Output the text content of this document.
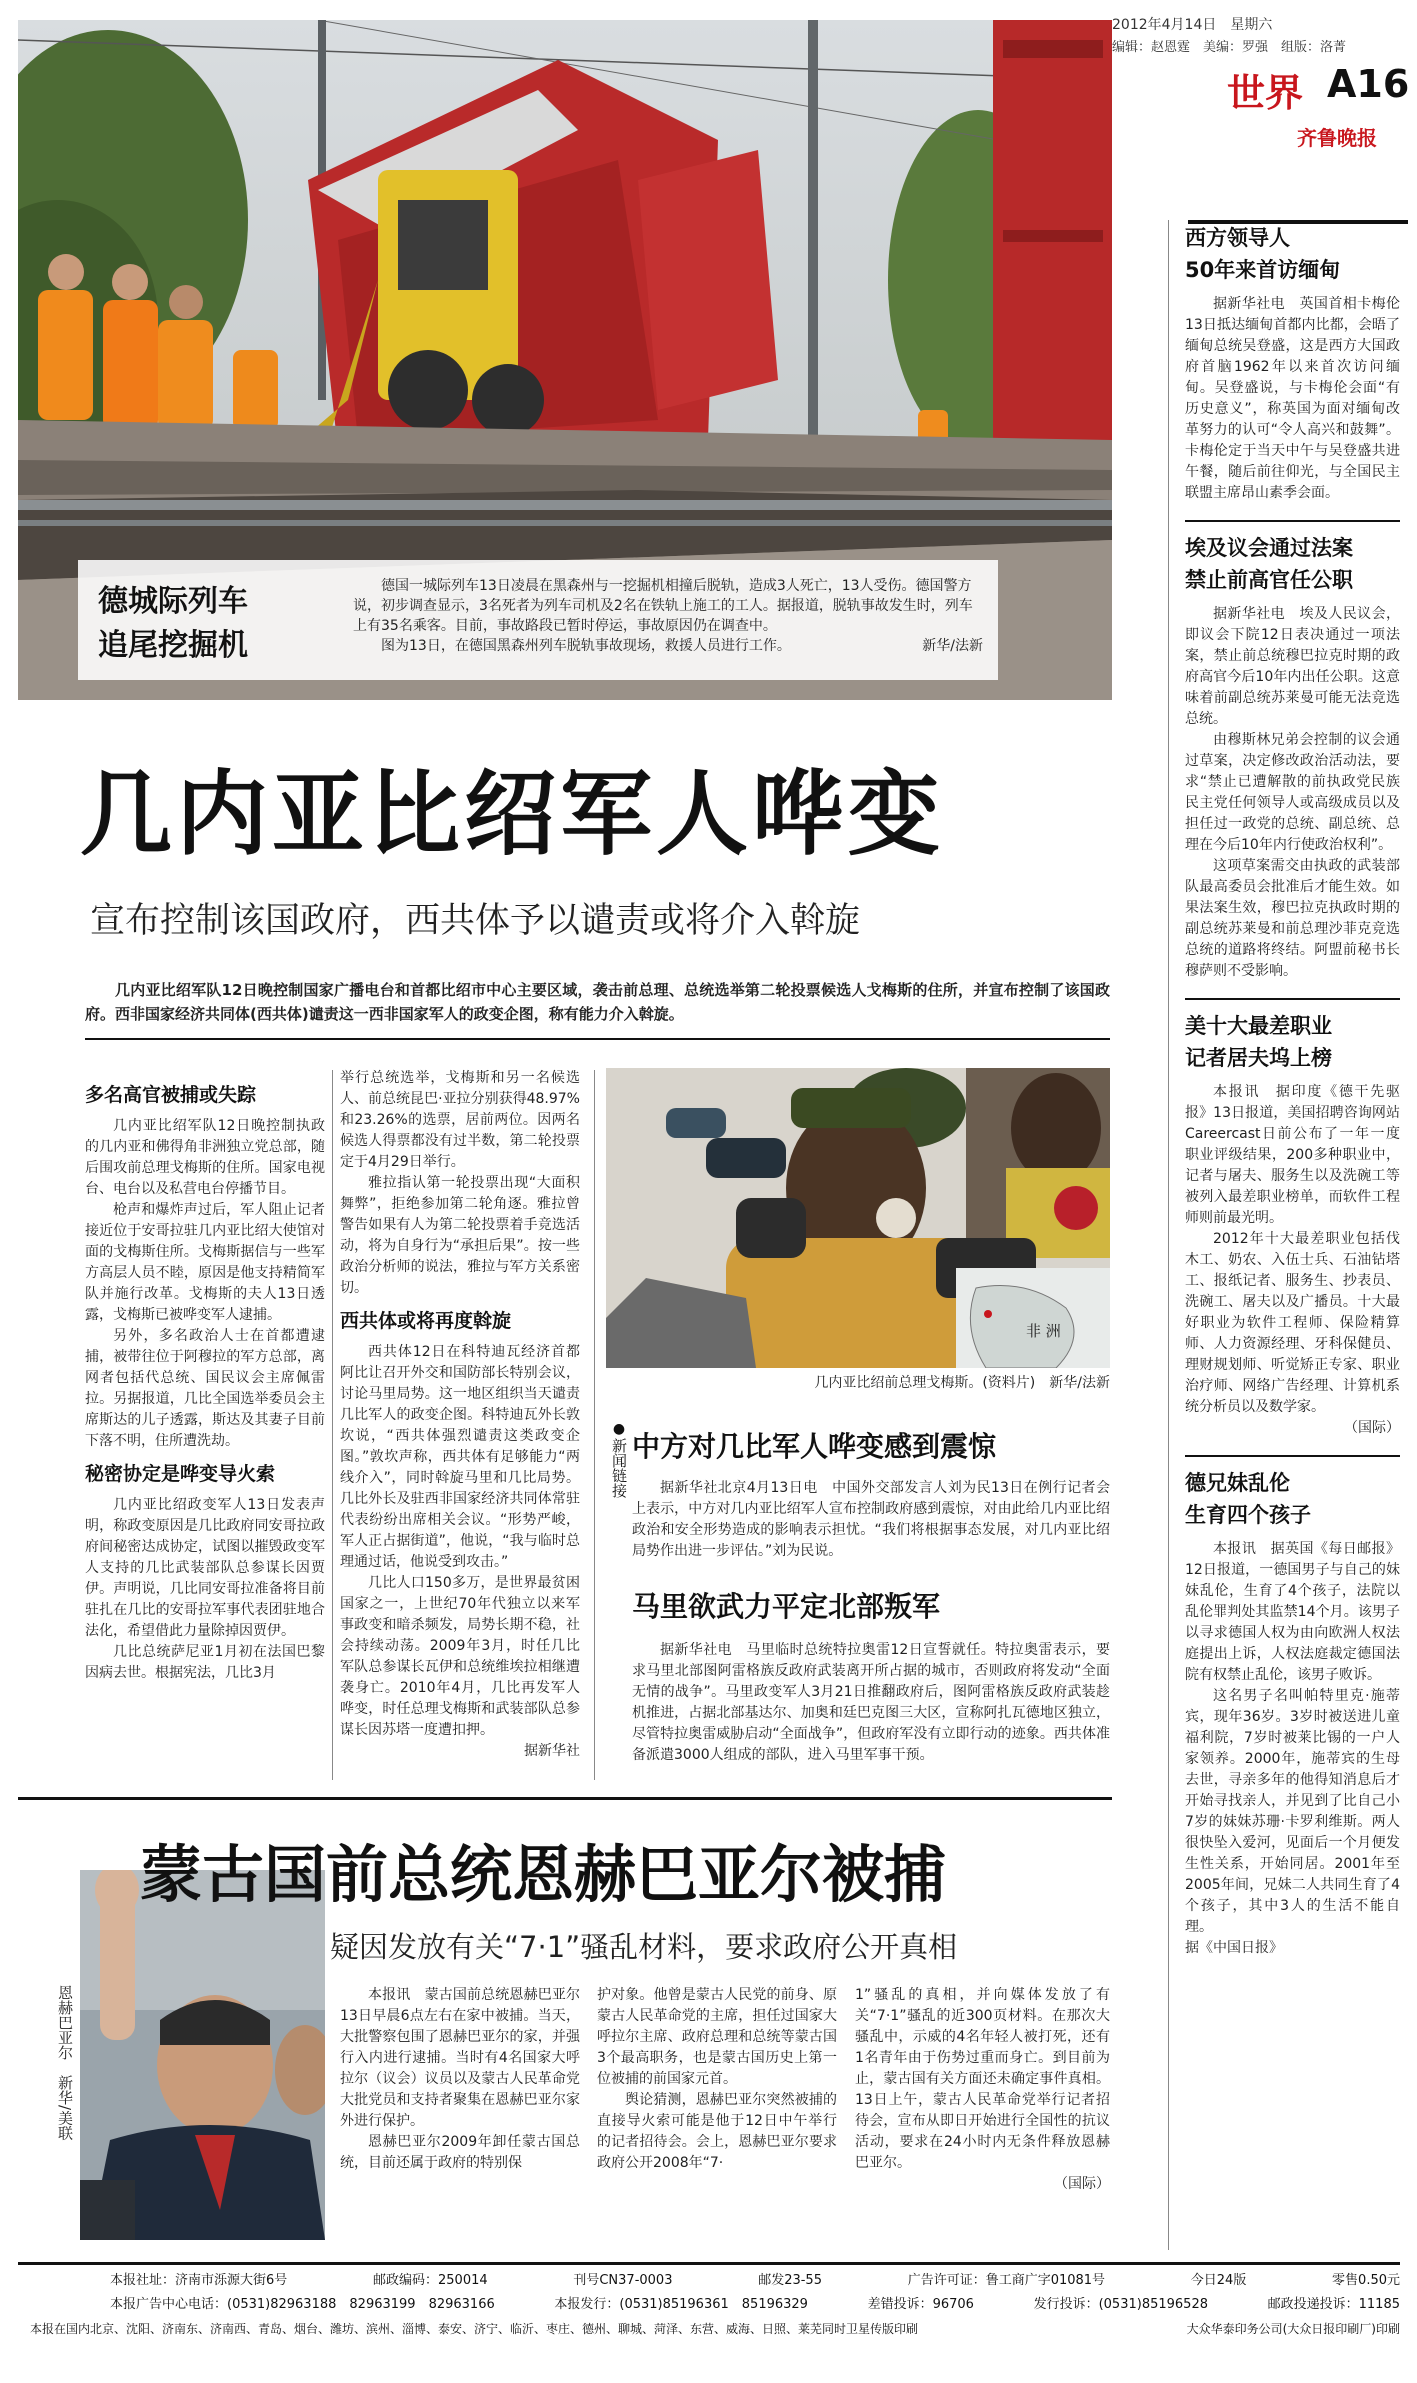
2012年4月14日　 星期六
编辑：赵恩霆　美编：罗强　组版：洛菁
世界 A16
齐鲁晚报
德城际列车
追尾挖掘机
德国一城际列车13日凌晨在黑森州与一挖掘机相撞后脱轨，造成3人死亡，13人受伤。德国警方说，初步调查显示，3名死者为列车司机及2名在铁轨上施工的工人。据报道，脱轨事故发生时，列车上有35名乘客。目前，事故路段已暂时停运，事故原因仍在调查中。
图为13日，在德国黑森州列车脱轨事故现场，救援人员进行工作。	新华/法新
几内亚比绍军人哗变
宣布控制该国政府，西共体予以谴责或将介入斡旋

几内亚比绍军队12日晚控制国家广播电台和首都比绍市中心主要区域，袭击前总理、总统选举第二轮投票候选人戈梅斯的住所，并宣布控制了该国政府。西非国家经济共同体(西共体)谴责这一西非国家军人的政变企图，称有能力介入斡旋。

多名高官被捕或失踪

几内亚比绍军队12日晚控制执政的几内亚和佛得角非洲独立党总部，随后围攻前总理戈梅斯的住所。国家电视台、电台以及私营电台停播节目。

枪声和爆炸声过后，军人阻止记者接近位于安哥拉驻几内亚比绍大使馆对面的戈梅斯住所。戈梅斯据信与一些军方高层人员不睦，原因是他支持精简军队并施行改革。戈梅斯的夫人13日透露，戈梅斯已被哗变军人逮捕。

另外，多名政治人士在首都遭逮捕，被带往位于阿穆拉的军方总部，离网者包括代总统、国民议会主席佩雷拉。另据报道，几比全国选举委员会主席斯达的儿子透露，斯达及其妻子目前下落不明，住所遭洗劫。

秘密协定是哗变导火索

几内亚比绍政变军人13日发表声明，称政变原因是几比政府同安哥拉政府间秘密达成协定，试图以摧毁政变军人支持的几比武装部队总参谋长因贾伊。声明说，几比同安哥拉准备将目前驻扎在几比的安哥拉军事代表团驻地合法化，希望借此力量除掉因贾伊。

几比总统萨尼亚1月初在法国巴黎因病去世。根据宪法，几比3月

举行总统选举，戈梅斯和另一名候选人、前总统昆巴·亚拉分别获得48.97%和23.26%的选票，居前两位。因两名候选人得票都没有过半数，第二轮投票定于4月29日举行。

雅拉指认第一轮投票出现“大面积舞弊”，拒绝参加第二轮角逐。雅拉曾警告如果有人为第二轮投票着手竞选活动，将为自身行为“承担后果”。按一些政治分析师的说法，雅拉与军方关系密切。

西共体或将再度斡旋

西共体12日在科特迪瓦经济首都阿比让召开外交和国防部长特别会议，讨论马里局势。这一地区组织当天谴责几比军人的政变企图。科特迪瓦外长敦坎说，“西共体强烈谴责这类政变企图。”敦坎声称，西共体有足够能力“两线介入”，同时斡旋马里和几比局势。几比外长及驻西非国家经济共同体常驻代表纷纷出席相关会议。“形势严峻，军人正占据街道”，他说，“我与临时总理通过话，他说受到攻击。”

几比人口150多万，是世界最贫困国家之一，上世纪70年代独立以来军事政变和暗杀频发，局势长期不稳，社会持续动荡。2009年3月，时任几比军队总参谋长瓦伊和总统维埃拉相继遭袭身亡。2010年4月，几比再发军人哗变，时任总理戈梅斯和武装部队总参谋长因苏塔一度遭扣押。

据新华社
非 洲
几内亚比绍前总理戈梅斯。(资料片)　 新华/法新
●
新闻链接 中方对几比军人哗变感到震惊

据新华社北京4月13日电　中国外交部发言人刘为民13日在例行记者会上表示，中方对几内亚比绍军人宣布控制政府感到震惊，对由此给几内亚比绍政治和安全形势造成的影响表示担忧。“我们将根据事态发展，对几内亚比绍局势作出进一步评估。”刘为民说。

马里欲武力平定北部叛军

据新华社电　马里临时总统特拉奥雷12日宣誓就任。特拉奥雷表示，要求马里北部图阿雷格族反政府武装离开所占据的城市，否则政府将发动“全面无情的战争”。马里政变军人3月21日推翻政府后，图阿雷格族反政府武装趁机推进，占据北部基达尔、加奥和廷巴克图三大区，宣称阿扎瓦德地区独立，尽管特拉奥雷威胁启动“全面战争”，但政府军没有立即行动的迹象。西共体准备派遣3000人组成的部队，进入马里军事干预。

恩赫巴亚尔　新华/美联
蒙古国前总统恩赫巴亚尔被捕
疑因发放有关“7·1”骚乱材料，要求政府公开真相

本报讯　蒙古国前总统恩赫巴亚尔13日早晨6点左右在家中被捕。当天，大批警察包围了恩赫巴亚尔的家，并强行入内进行逮捕。当时有4名国家大呼拉尔（议会）议员以及蒙古人民革命党大批党员和支持者聚集在恩赫巴亚尔家外进行保护。

恩赫巴亚尔2009年卸任蒙古国总统，目前还属于政府的特别保

护对象。他曾是蒙古人民党的前身、原蒙古人民革命党的主席，担任过国家大呼拉尔主席、政府总理和总统等蒙古国3个最高职务，也是蒙古国历史上第一位被捕的前国家元首。

舆论猜测，恩赫巴亚尔突然被捕的直接导火索可能是他于12日中午举行的记者招待会。会上，恩赫巴亚尔要求政府公开2008年“7·

1”骚乱的真相，并向媒体发放了有关“7·1”骚乱的近300页材料。在那次大骚乱中，示威的4名年轻人被打死，还有1名青年由于伤势过重而身亡。到目前为止，蒙古国有关方面还未确定事件真相。13日上午，蒙古人民革命党举行记者招待会，宣布从即日开始进行全国性的抗议活动，要求在24小时内无条件释放恩赫巴亚尔。

（国际）
西方领导人
50年来首访缅甸

据新华社电　英国首相卡梅伦13日抵达缅甸首都内比都，会晤了缅甸总统吴登盛，这是西方大国政府首脑1962年以来首次访问缅甸。吴登盛说，与卡梅伦会面“有历史意义”，称英国为面对缅甸改革努力的认可“令人高兴和鼓舞”。卡梅伦定于当天中午与吴登盛共进午餐，随后前往仰光，与全国民主联盟主席昂山素季会面。

埃及议会通过法案
禁止前高官任公职

据新华社电　埃及人民议会，即议会下院12日表决通过一项法案，禁止前总统穆巴拉克时期的政府高官今后10年内出任公职。这意味着前副总统苏莱曼可能无法竞选总统。

由穆斯林兄弟会控制的议会通过草案，决定修改政治活动法，要求“禁止已遭解散的前执政党民族民主党任何领导人或高级成员以及担任过一政党的总统、副总统、总理在今后10年内行使政治权利”。

这项草案需交由执政的武装部队最高委员会批准后才能生效。如果法案生效，穆巴拉克执政时期的副总统苏莱曼和前总理沙菲克竞选总统的道路将终结。阿盟前秘书长穆萨则不受影响。

美十大最差职业
记者居夫坞上榜

本报讯　据印度《德干先驱报》13日报道，美国招聘咨询网站Careercast日前公布了一年一度职业评级结果，200多种职业中，记者与屠夫、服务生以及洗碗工等被列入最差职业榜单，而软件工程师则前最光明。

2012年十大最差职业包括伐木工、奶农、入伍士兵、石油钻塔工、报纸记者、服务生、抄表员、洗碗工、屠夫以及广播员。十大最好职业为软件工程师、保险精算师、人力资源经理、牙科保健员、理财规划师、听觉矫正专家、职业治疗师、网络广告经理、计算机系统分析员以及数学家。

（国际）
德兄妹乱伦
生育四个孩子

本报讯　据英国《每日邮报》12日报道，一德国男子与自己的妹妹乱伦，生育了4个孩子，法院以乱伦罪判处其监禁14个月。该男子以寻求德国人权为由向欧洲人权法庭提出上诉，人权法庭裁定德国法院有权禁止乱伦，该男子败诉。

这名男子名叫帕特里克·施蒂宾，现年36岁。3岁时被送进儿童福利院，7岁时被莱比锡的一户人家领养。2000年，施蒂宾的生母去世，寻亲多年的他得知消息后才开始寻找亲人，并见到了比自己小7岁的妹妹苏珊·卡罗利维斯。两人很快坠入爱河，见面后一个月便发生性关系，开始同居。2001年至2005年间，兄妹二人共同生育了4个孩子，其中3人的生活不能自理。

据《中国日报》
本报社址：济南市泺源大街6号	邮政编码：250014	刊号CN37-0003	邮发23-55	广告许可证：鲁工商广字01081号	今日24版	零售0.50元
本报广告中心电话：(0531)82963188　82963199　82963166	本报发行：(0531)85196361　85196329	差错投诉：96706	发行投诉：(0531)85196528	邮政投递投诉：11185
本报在国内北京、沈阳、济南东、济南西、青岛、烟台、潍坊、滨州、淄博、泰安、济宁、临沂、枣庄、德州、聊城、菏泽、东营、威海、日照、莱芜同时卫星传版印刷	大众华泰印务公司(大众日报印刷厂)印刷
